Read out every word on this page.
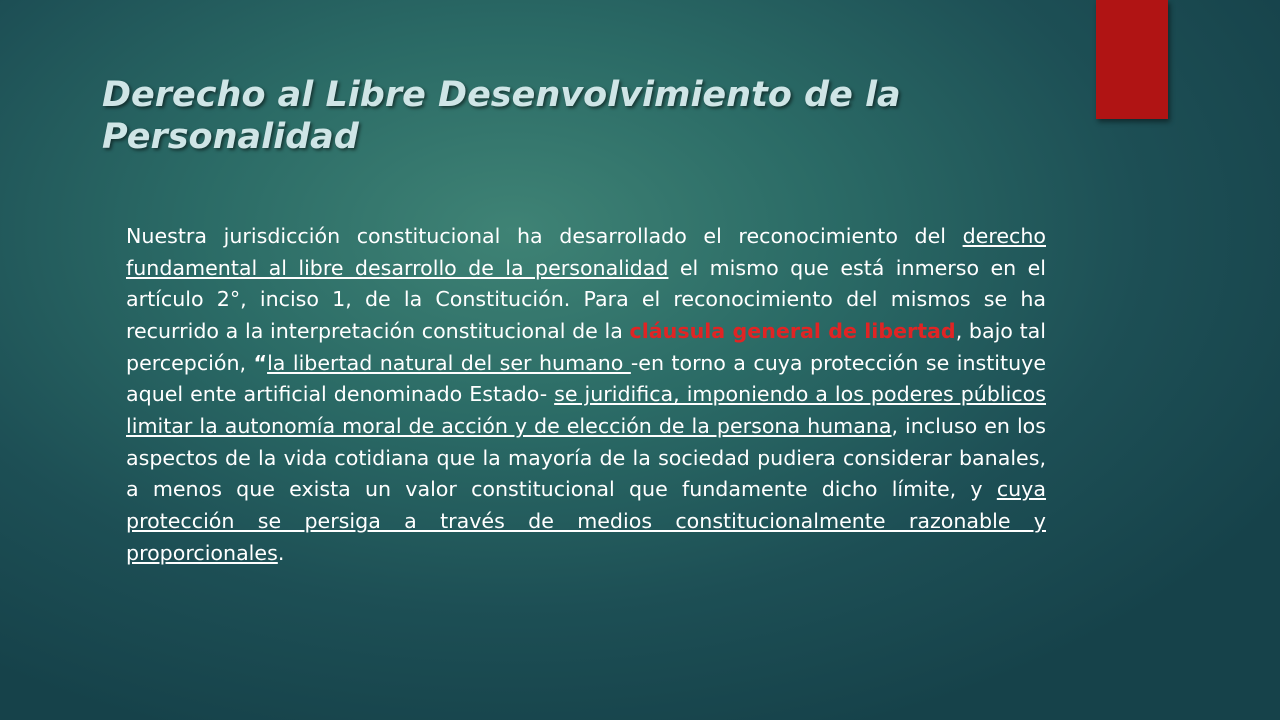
Derecho al Libre Desenvolvimiento de la Personalidad

Nuestra jurisdicción constitucional ha desarrollado el reconocimiento del derecho fundamental al libre desarrollo de la personalidad el mismo que está inmerso en el artículo 2°, inciso 1, de la Constitución. Para el reconocimiento del mismos se ha recurrido a la interpretación constitucional de la cláusula general de libertad, bajo tal percepción, “la libertad natural del ser humano -en torno a cuya protección se instituye aquel ente artificial denominado Estado- se juridifica, imponiendo a los poderes públicos limitar la autonomía moral de acción y de elección de la persona humana, incluso en los aspectos de la vida cotidiana que la mayoría de la sociedad pudiera considerar banales, a menos que exista un valor constitucional que fundamente dicho límite, y cuya protección se persiga a través de medios constitucionalmente razonable y proporcionales.
